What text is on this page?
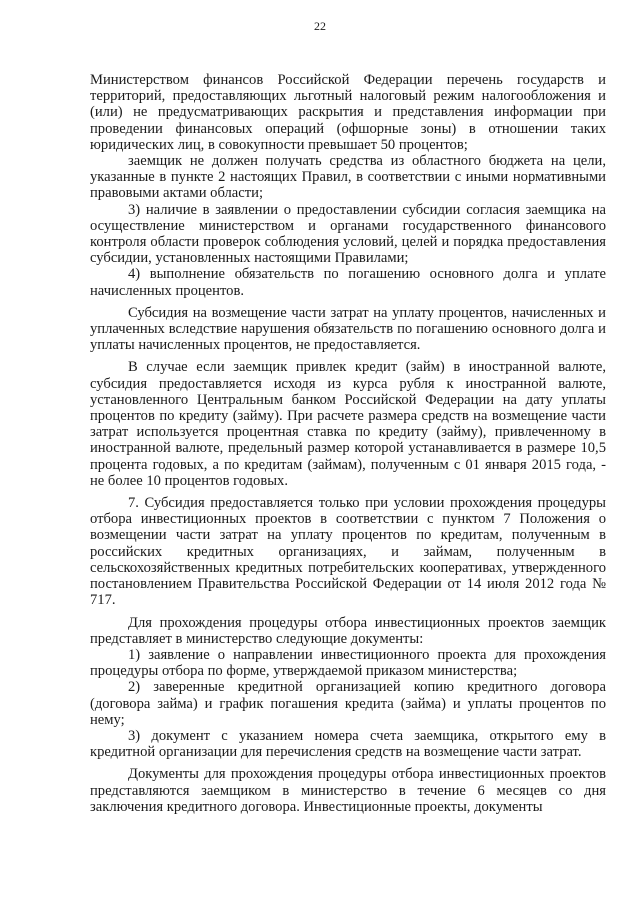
22

Министерством финансов Российской Федерации перечень государств и территорий, предоставляющих льготный налоговый режим налогообложения и (или) не предусматривающих раскрытия и представления информации при проведении финансовых операций (офшорные зоны) в отношении таких юридических лиц, в совокупности превышает 50 процентов;

заемщик не должен получать средства из областного бюджета на цели, указанные в пункте 2 настоящих Правил, в соответствии с иными нормативными правовыми актами области;

3) наличие в заявлении о предоставлении субсидии согласия заемщика на осуществление министерством и органами государственного финансового контроля области проверок соблюдения условий, целей и порядка предоставления субсидии, установленных настоящими Правилами;

4) выполнение обязательств по погашению основного долга и уплате начисленных процентов.

Субсидия на возмещение части затрат на уплату процентов, начисленных и уплаченных вследствие нарушения обязательств по погашению основного долга и уплаты начисленных процентов, не предоставляется.

В случае если заемщик привлек кредит (займ) в иностранной валюте, субсидия предоставляется исходя из курса рубля к иностранной валюте, установленного Центральным банком Российской Федерации на дату уплаты процентов по кредиту (займу). При расчете размера средств на возмещение части затрат используется процентная ставка по кредиту (займу), привлеченному в иностранной валюте, предельный размер которой устанавливается в размере 10,5 процента годовых, а по кредитам (займам), полученным с 01 января 2015 года, - не более 10 процентов годовых.

7. Субсидия предоставляется только при условии прохождения процедуры отбора инвестиционных проектов в соответствии с пунктом 7 Положения о возмещении части затрат на уплату процентов по кредитам, полученным в российских кредитных организациях, и займам, полученным в сельскохозяйственных кредитных потребительских кооперативах, утвержденного постановлением Правительства Российской Федерации от 14 июля 2012 года № 717.

Для прохождения процедуры отбора инвестиционных проектов заемщик представляет в министерство следующие документы:

1) заявление о направлении инвестиционного проекта для прохождения процедуры отбора по форме, утверждаемой приказом министерства;

2) заверенные кредитной организацией копию кредитного договора (договора займа) и график погашения кредита (займа) и уплаты процентов по нему;

3) документ с указанием номера счета заемщика, открытого ему в кредитной организации для перечисления средств на возмещение части затрат.

Документы для прохождения процедуры отбора инвестиционных проектов представляются заемщиком в министерство в течение 6 месяцев со дня заключения кредитного договора. Инвестиционные проекты, документы
